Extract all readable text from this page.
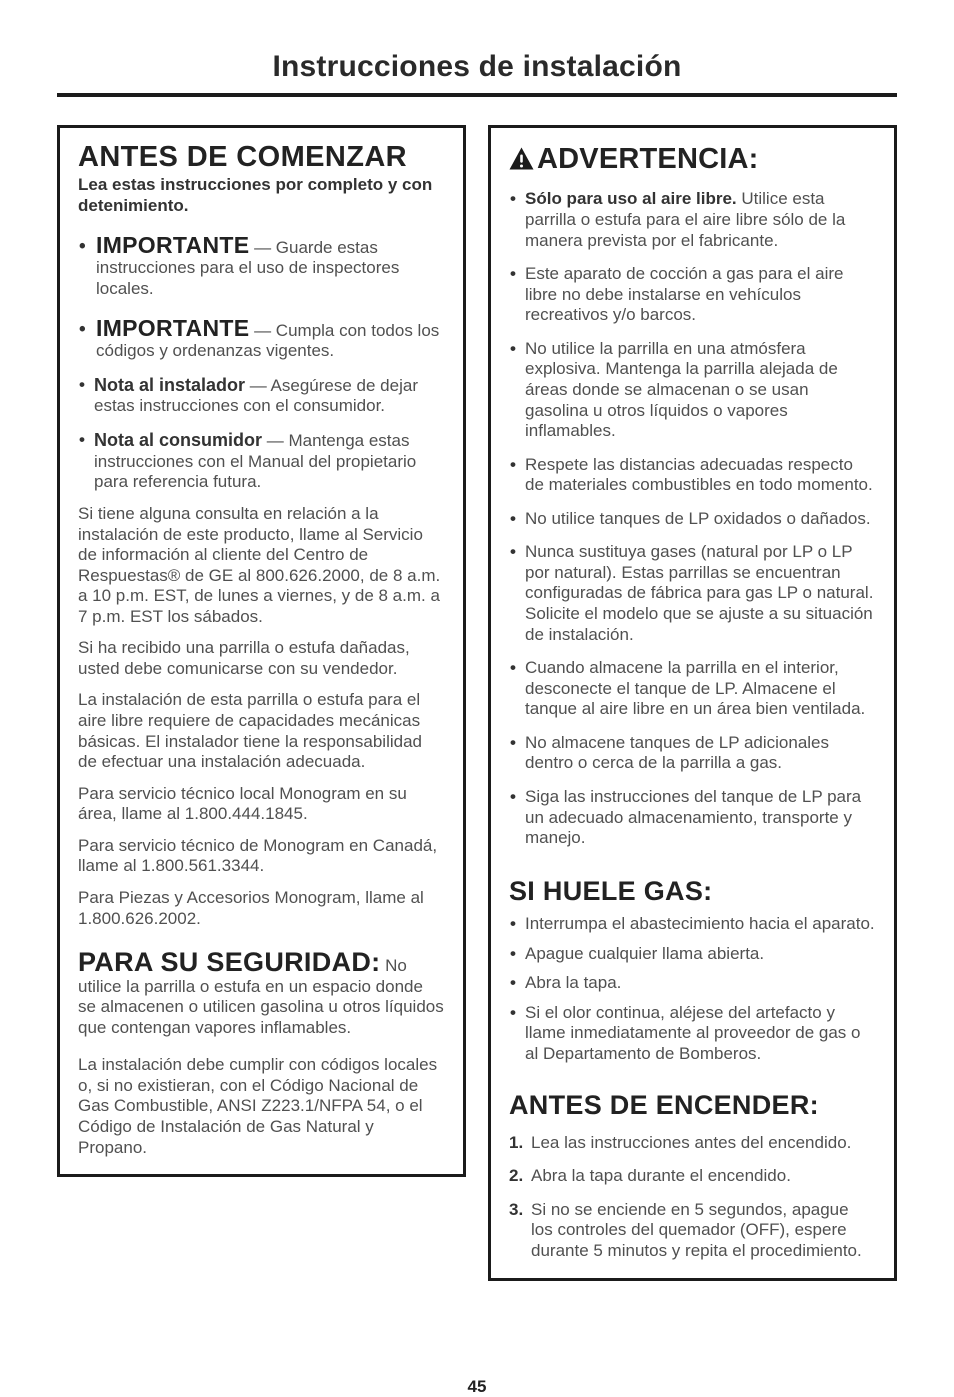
Instrucciones de instalación
ANTES DE COMENZAR

Lea estas instrucciones por completo y con detenimiento.

• IMPORTANTE — Guarde estas instrucciones para el uso de inspectores locales.
• IMPORTANTE — Cumpla con todos los códigos y ordenanzas vigentes.
• Nota al instalador — Asegúrese de dejar estas instrucciones con el consumidor.
• Nota al consumidor — Mantenga estas instrucciones con el Manual del propietario para referencia futura.

Si tiene alguna consulta en relación a la instalación de este producto, llame al Servicio de información al cliente del Centro de Respuestas® de GE al 800.626.2000, de 8 a.m. a 10 p.m. EST, de lunes a viernes, y de 8 a.m. a 7 p.m. EST los sábados.

Si ha recibido una parrilla o estufa dañadas, usted debe comunicarse con su vendedor.

La instalación de esta parrilla o estufa para el aire libre requiere de capacidades mecánicas básicas. El instalador tiene la responsabilidad de efectuar una instalación adecuada.

Para servicio técnico local Monogram en su área, llame al 1.800.444.1845.

Para servicio técnico de Monogram en Canadá, llame al 1.800.561.3344.

Para Piezas y Accesorios Monogram, llame al 1.800.626.2002.

PARA SU SEGURIDAD: No utilice la parrilla o estufa en un espacio donde se almacenen o utilicen gasolina u otros líquidos que contengan vapores inflamables.

La instalación debe cumplir con códigos locales o, si no existieran, con el Código Nacional de Gas Combustible, ANSI Z223.1/NFPA 54, o el Código de Instalación de Gas Natural y Propano.

ADVERTENCIA:
• Sólo para uso al aire libre. Utilice esta parrilla o estufa para el aire libre sólo de la manera prevista por el fabricante.
• Este aparato de cocción a gas para el aire libre no debe instalarse en vehículos recreativos y/o barcos.
• No utilice la parrilla en una atmósfera explosiva. Mantenga la parrilla alejada de áreas donde se almacenan o se usan gasolina u otros líquidos o vapores inflamables.
• Respete las distancias adecuadas respecto de materiales combustibles en todo momento.
• No utilice tanques de LP oxidados o dañados.
• Nunca sustituya gases (natural por LP o LP por natural). Estas parrillas se encuentran configuradas de fábrica para gas LP o natural. Solicite el modelo que se ajuste a su situación de instalación.
• Cuando almacene la parrilla en el interior, desconecte el tanque de LP. Almacene el tanque al aire libre en un área bien ventilada.
• No almacene tanques de LP adicionales dentro o cerca de la parrilla a gas.
• Siga las instrucciones del tanque de LP para un adecuado almacenamiento, transporte y manejo.
SI HUELE GAS:
• Interrumpa el abastecimiento hacia el aparato.
• Apague cualquier llama abierta.
• Abra la tapa.
• Si el olor continua, aléjese del artefacto y llame inmediatamente al proveedor de gas o al Departamento de Bomberos.
ANTES DE ENCENDER:
1. Lea las instrucciones antes del encendido.
2. Abra la tapa durante el encendido.
3. Si no se enciende en 5 segundos, apague los controles del quemador (OFF), espere durante 5 minutos y repita el procedimiento.
45
